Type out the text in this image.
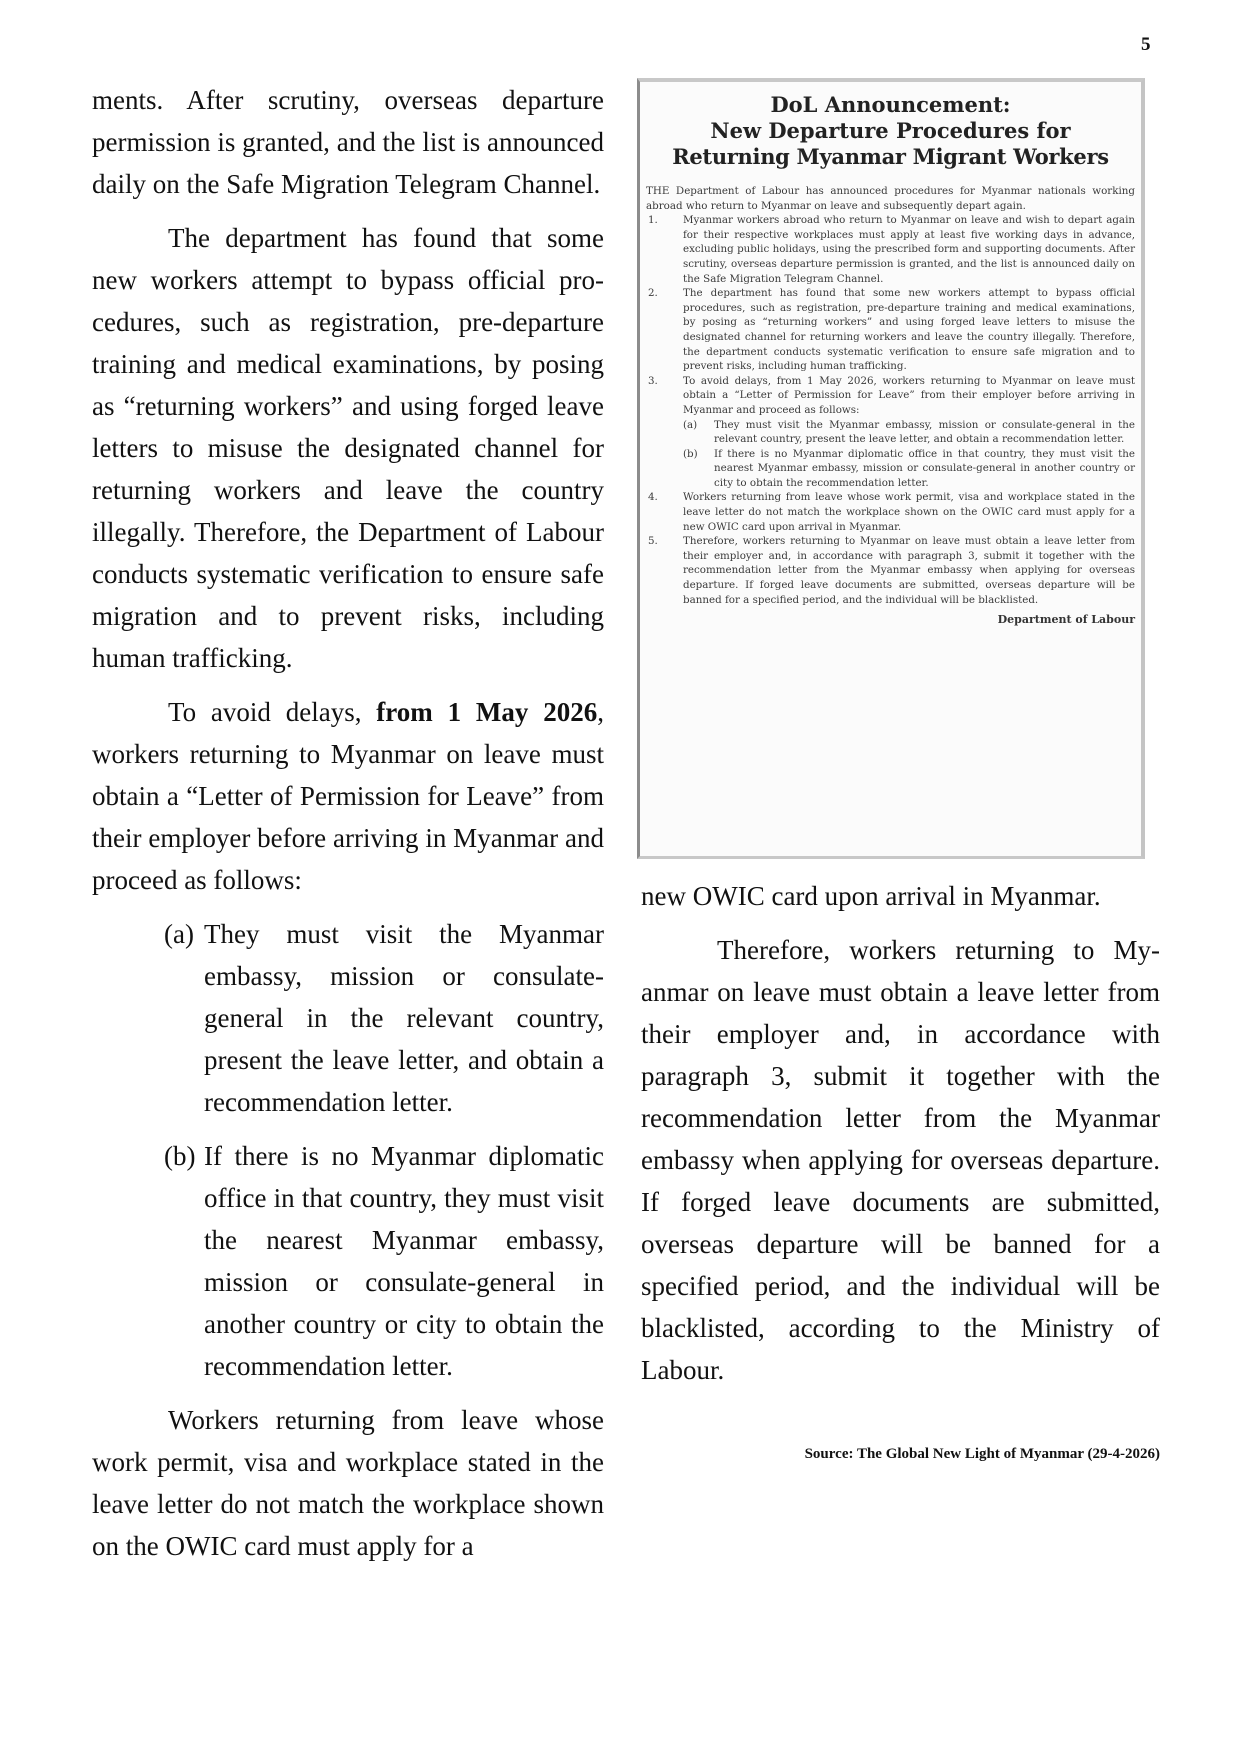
5

ments. After scrutiny, overseas departure permission is granted, and the list is announced daily on the Safe Migration Telegram Channel.

The department has found that some new workers attempt to bypass official procedures, such as registration, pre-departure training and medical examinations, by posing as “returning workers” and using forged leave letters to misuse the designated channel for returning workers and leave the country illegally. Therefore, the Department of Labour conducts systematic verification to ensure safe migration and to prevent risks, including human trafficking.

To avoid delays, from 1 May 2026, workers returning to Myanmar on leave must obtain a “Letter of Permission for Leave” from their employer before arriving in Myanmar and proceed as follows:

(a) They must visit the Myanmar embassy, mission or consulate-general in the relevant country, present the leave letter, and obtain a recommendation letter.
(b) If there is no Myanmar diplomatic office in that country, they must visit the nearest Myanmar embassy, mission or consulate-general in another country or city to obtain the recommendation letter.

Workers returning from leave whose work permit, visa and workplace stated in the leave letter do not match the workplace shown on the OWIC card must apply for a

DoL Announcement:
New Departure Procedures for
Returning Myanmar Migrant Workers

THE Department of Labour has announced procedures for Myanmar nationals working abroad who return to Myanmar on leave and subsequently depart again.

1. Myanmar workers abroad who return to Myanmar on leave and wish to depart again for their respective workplaces must apply at least five working days in advance, excluding public holidays, using the prescribed form and supporting documents. After scrutiny, overseas departure permission is granted, and the list is announced daily on the Safe Migration Telegram Channel.
2. The department has found that some new workers attempt to bypass official procedures, such as registration, pre-departure training and medical examinations, by posing as “returning workers” and using forged leave letters to misuse the designated channel for returning workers and leave the country illegally. Therefore, the department conducts systematic verification to ensure safe migration and to prevent risks, including human trafficking.
3. To avoid delays, from 1 May 2026, workers returning to Myanmar on leave must obtain a “Letter of Permission for Leave” from their employer before arriving in Myanmar and proceed as follows:
(a) They must visit the Myanmar embassy, mission or consulate-general in the relevant country, present the leave letter, and obtain a recommendation letter.
(b) If there is no Myanmar diplomatic office in that country, they must visit the nearest Myanmar embassy, mission or consulate-general in another country or city to obtain the recommendation letter.
4. Workers returning from leave whose work permit, visa and workplace stated in the leave letter do not match the workplace shown on the OWIC card must apply for a new OWIC card upon arrival in Myanmar.
5. Therefore, workers returning to Myanmar on leave must obtain a leave letter from their employer and, in accordance with paragraph 3, submit it together with the recommendation letter from the Myanmar embassy when applying for overseas departure. If forged leave documents are submitted, overseas departure will be banned for a specified period, and the individual will be blacklisted.
Department of Labour

new OWIC card upon arrival in Myanmar.

Therefore, workers returning to Myanmar on leave must obtain a leave letter from their employer and, in accordance with paragraph 3, submit it together with the recommendation letter from the Myanmar embassy when applying for overseas departure. If forged leave documents are submitted, overseas departure will be banned for a specified period, and the individual will be blacklisted, according to the Ministry of Labour.

Source: The Global New Light of Myanmar (29-4-2026)
